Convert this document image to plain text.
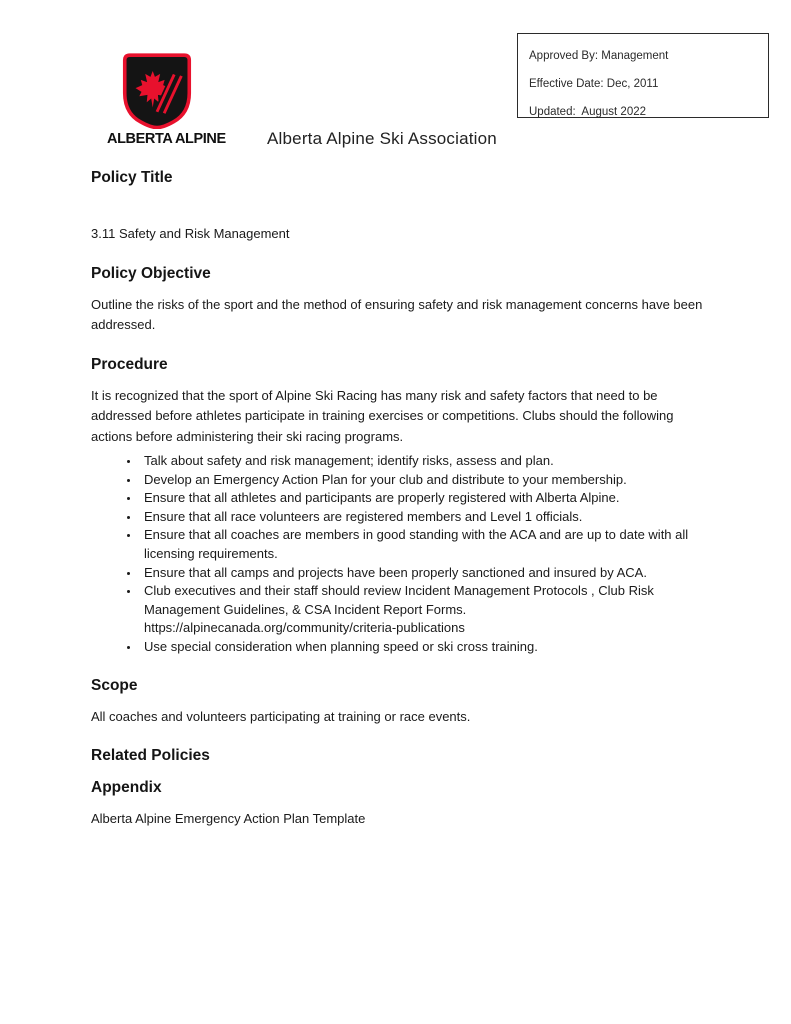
ALBERTA ALPINE
Approved By: Management
Effective Date: Dec, 2011
Updated:  August 2022
Alberta Alpine Ski Association
Policy Title

3.11 Safety and Risk Management

Policy Objective

Outline the risks of the sport and the method of ensuring safety and risk management concerns have been addressed.

Procedure

It is recognized that the sport of Alpine Ski Racing has many risk and safety factors that need to be addressed before athletes participate in training exercises or competitions. Clubs should the following actions before administering their ski racing programs.

• Talk about safety and risk management; identify risks, assess and plan.
• Develop an Emergency Action Plan for your club and distribute to your membership.
• Ensure that all athletes and participants are properly registered with Alberta Alpine.
• Ensure that all race volunteers are registered members and Level 1 officials.
• Ensure that all coaches are members in good standing with the ACA and are up to date with all licensing requirements.
• Ensure that all camps and projects have been properly sanctioned and insured by ACA.
• Club executives and their staff should review Incident Management Protocols , Club Risk Management Guidelines, & CSA Incident Report Forms.
https://alpinecanada.org/community/criteria-publications
• Use special consideration when planning speed or ski cross training.
Scope

All coaches and volunteers participating at training or race events.

Related Policies
Appendix

Alberta Alpine Emergency Action Plan Template
